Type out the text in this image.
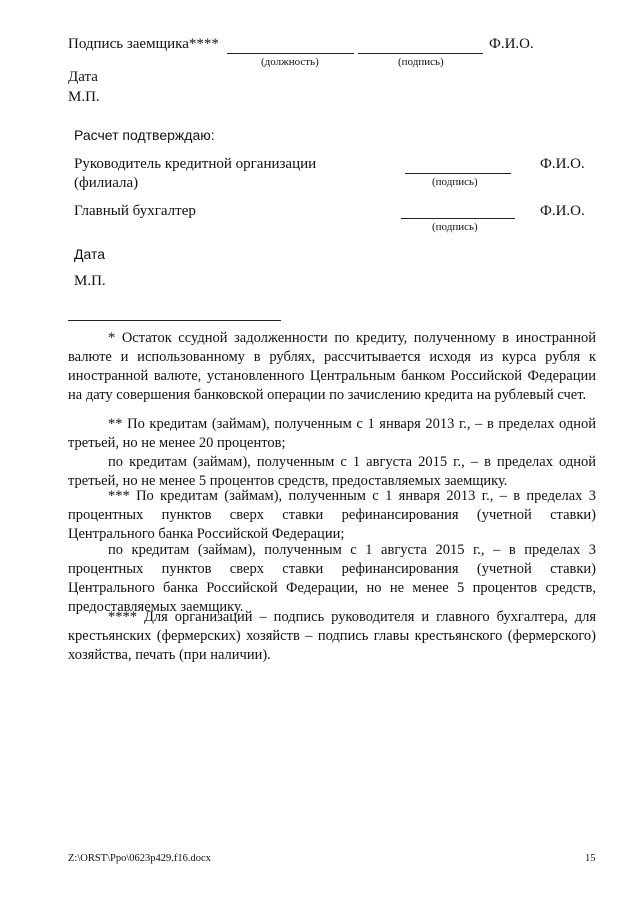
Подпись заемщика****	Ф.И.О.
(должность)	(подпись)
Дата
М.П.
Расчет подтверждаю:
Руководитель кредитной организации
(филиала)	(подпись)
Ф.И.О.
Главный бухгалтер
(подпись)
Ф.И.О.
Дата
М.П.

* Остаток ссудной задолженности по кредиту, полученному в иностранной валюте и использованному в рублях, рассчитывается исходя из курса рубля к иностранной валюте, установленного Центральным банком Российской Федерации на дату совершения банковской операции по зачислению кредита на рублевый счет.

** По кредитам (займам), полученным с 1 января 2013 г., – в пределах одной третьей, но не менее 20 процентов;

по кредитам (займам), полученным с 1 августа 2015 г., – в пределах одной третьей, но не менее 5 процентов средств, предоставляемых заемщику.

*** По кредитам (займам), полученным с 1 января 2013 г., – в пределах 3 процентных пунктов сверх ставки рефинансирования (учетной ставки) Центрального банка Российской Федерации;

по кредитам (займам), полученным с 1 августа 2015 г., – в пределах 3 процентных пунктов сверх ставки рефинансирования (учетной ставки) Центрального банка Российской Федерации, но не менее 5 процентов средств, предоставляемых заемщику.

**** Для организаций – подпись руководителя и главного бухгалтера, для крестьянских (фермерских) хозяйств – подпись главы крестьянского (фермерского) хозяйства, печать (при наличии).

Z:\ORST\Ppo\0623p429.f16.docx	15
